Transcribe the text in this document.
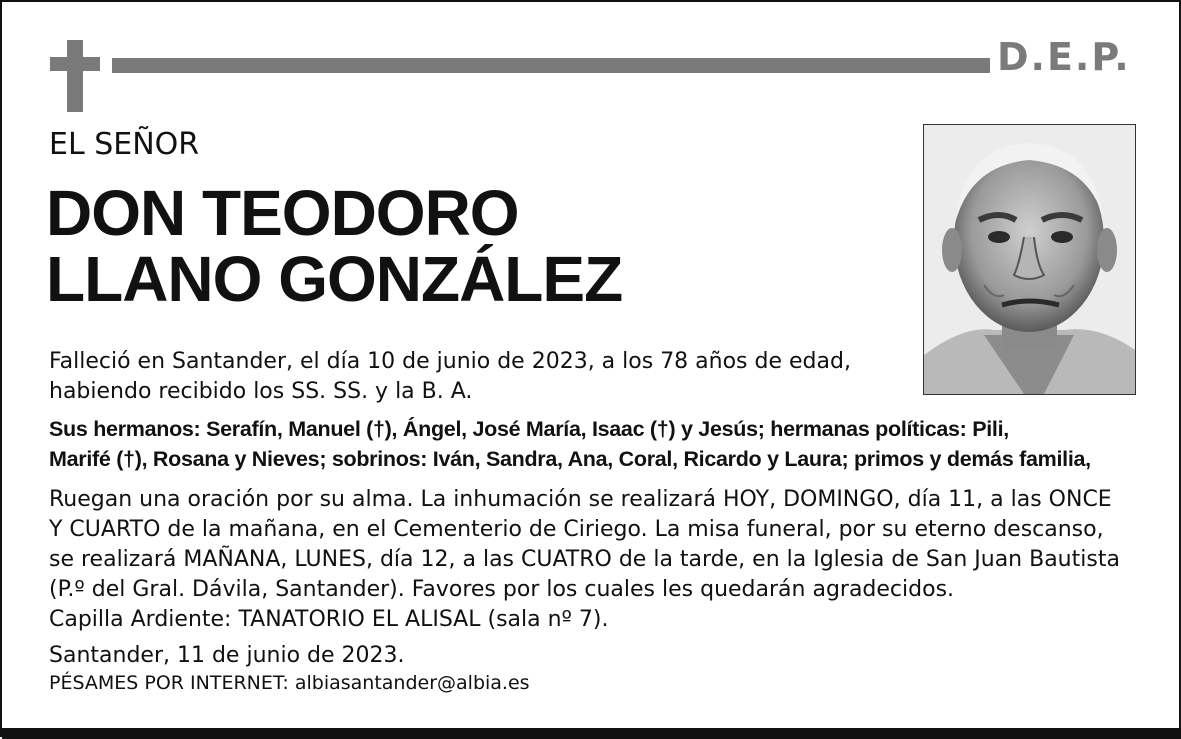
D.E.P.
EL SEÑOR
DON TEODORO
LLANO GONZÁLEZ
Falleció en Santander, el día 10 de junio de 2023, a los 78 años de edad,
habiendo recibido los SS. SS. y la B. A.
Sus hermanos: Serafín, Manuel (†), Ángel, José María, Isaac (†) y Jesús; hermanas políticas: Pili,
Marifé (†), Rosana y Nieves; sobrinos: Iván, Sandra, Ana, Coral, Ricardo y Laura; primos y demás familia,
Ruegan una oración por su alma. La inhumación se realizará HOY, DOMINGO, día 11, a las ONCE
Y CUARTO de la mañana, en el Cementerio de Ciriego. La misa funeral, por su eterno descanso,
se realizará MAÑANA, LUNES, día 12, a las CUATRO de la tarde, en la Iglesia de San Juan Bautista
(P.º del Gral. Dávila, Santander). Favores por los cuales les quedarán agradecidos.
Capilla Ardiente: TANATORIO EL ALISAL (sala nº 7).
Santander, 11 de junio de 2023.
PÉSAMES POR INTERNET: albiasantander@albia.es
